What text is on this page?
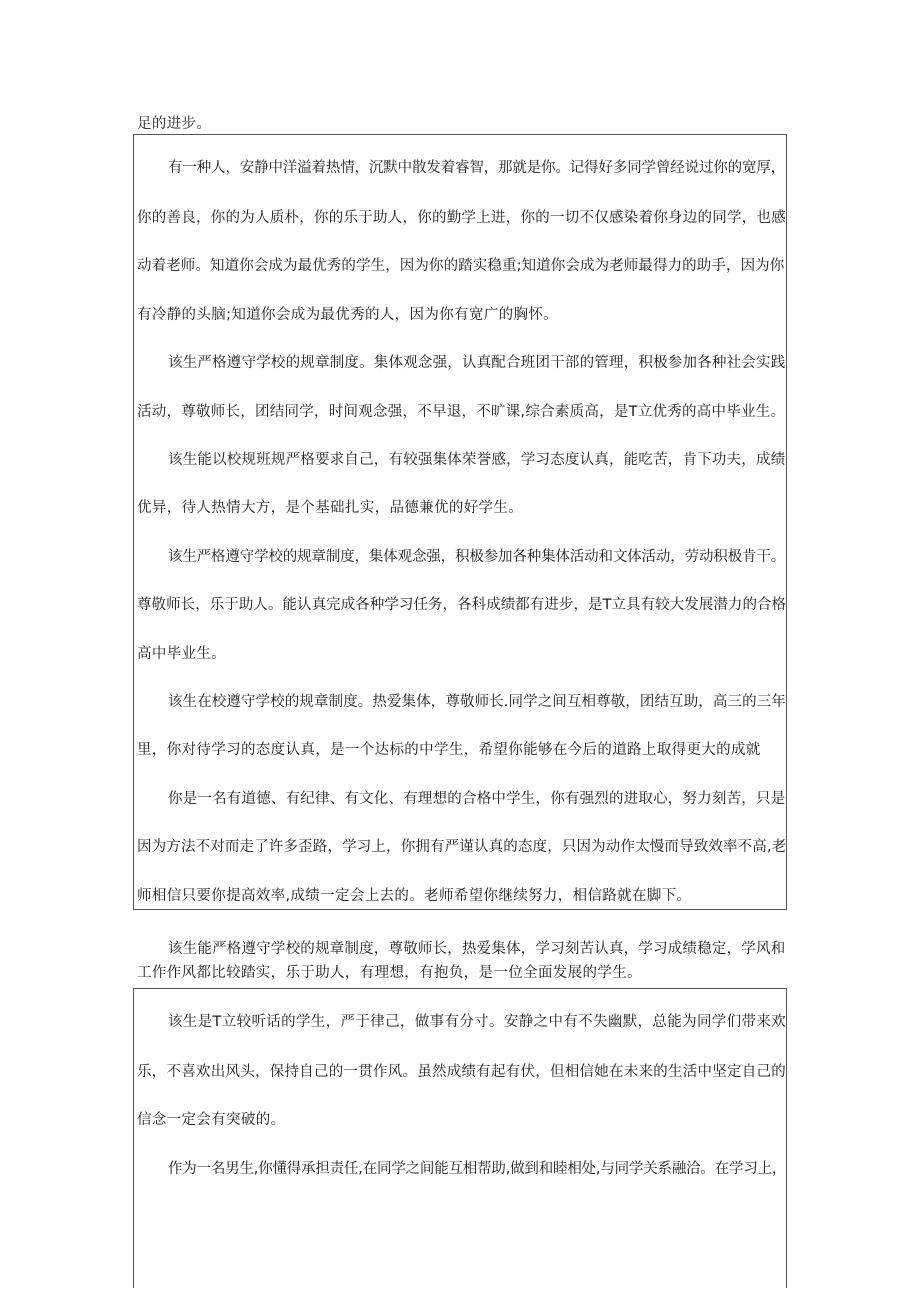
足的进步。
有一种人，安静中洋溢着热情，沉默中散发着睿智，那就是你。记得好多同学曾经说过你的宽厚，
你的善良，你的为人质朴，你的乐于助人，你的勤学上进，你的一切不仅感染着你身边的同学，也感
动着老师。知道你会成为最优秀的学生，因为你的踏实稳重;知道你会成为老师最得力的助手，因为你
有冷静的头脑;知道你会成为最优秀的人，因为你有宽广的胸怀。
该生严格遵守学校的规章制度。集体观念强，认真配合班团干部的管理，积极参加各种社会实践
活动，尊敬师长，团结同学，时间观念强，不早退，不旷课,综合素质高，是T立优秀的高中毕业生。
该生能以校规班规严格要求自己，有较强集体荣誉感，学习态度认真，能吃苦，肯下功夫，成绩
优异，待人热情大方，是个基础扎实，品德兼优的好学生。
该生严格遵守学校的规章制度，集体观念强，积极参加各种集体活动和文体活动，劳动积极肯干。
尊敬师长，乐于助人。能认真完成各种学习任务，各科成绩都有进步，是T立具有较大发展潜力的合格
高中毕业生。
该生在校遵守学校的规章制度。热爱集体，尊敬师长.同学之间互相尊敬，团结互助，高三的三年
里，你对待学习的态度认真，是一个达标的中学生，希望你能够在今后的道路上取得更大的成就
你是一名有道德、有纪律、有文化、有理想的合格中学生，你有强烈的进取心，努力刻苦，只是
因为方法不对而走了许多歪路，学习上，你拥有严谨认真的态度，只因为动作太慢而导致效率不高,老
师相信只要你提高效率,成绩一定会上去的。老师希望你继续努力，相信路就在脚下。
该生能严格遵守学校的规章制度，尊敬师长，热爱集体，学习刻苦认真，学习成绩稳定，学风和
工作作风都比较踏实，乐于助人，有理想，有抱负，是一位全面发展的学生。
该生是T立较听话的学生，严于律己，做事有分寸。安静之中有不失幽默，总能为同学们带来欢
乐，不喜欢出风头，保持自己的一贯作风。虽然成绩有起有伏，但相信她在未来的生活中坚定自己的
信念一定会有突破的。
作为一名男生,你懂得承担责任,在同学之间能互相帮助,做到和睦相处,与同学关系融洽。在学习上，
